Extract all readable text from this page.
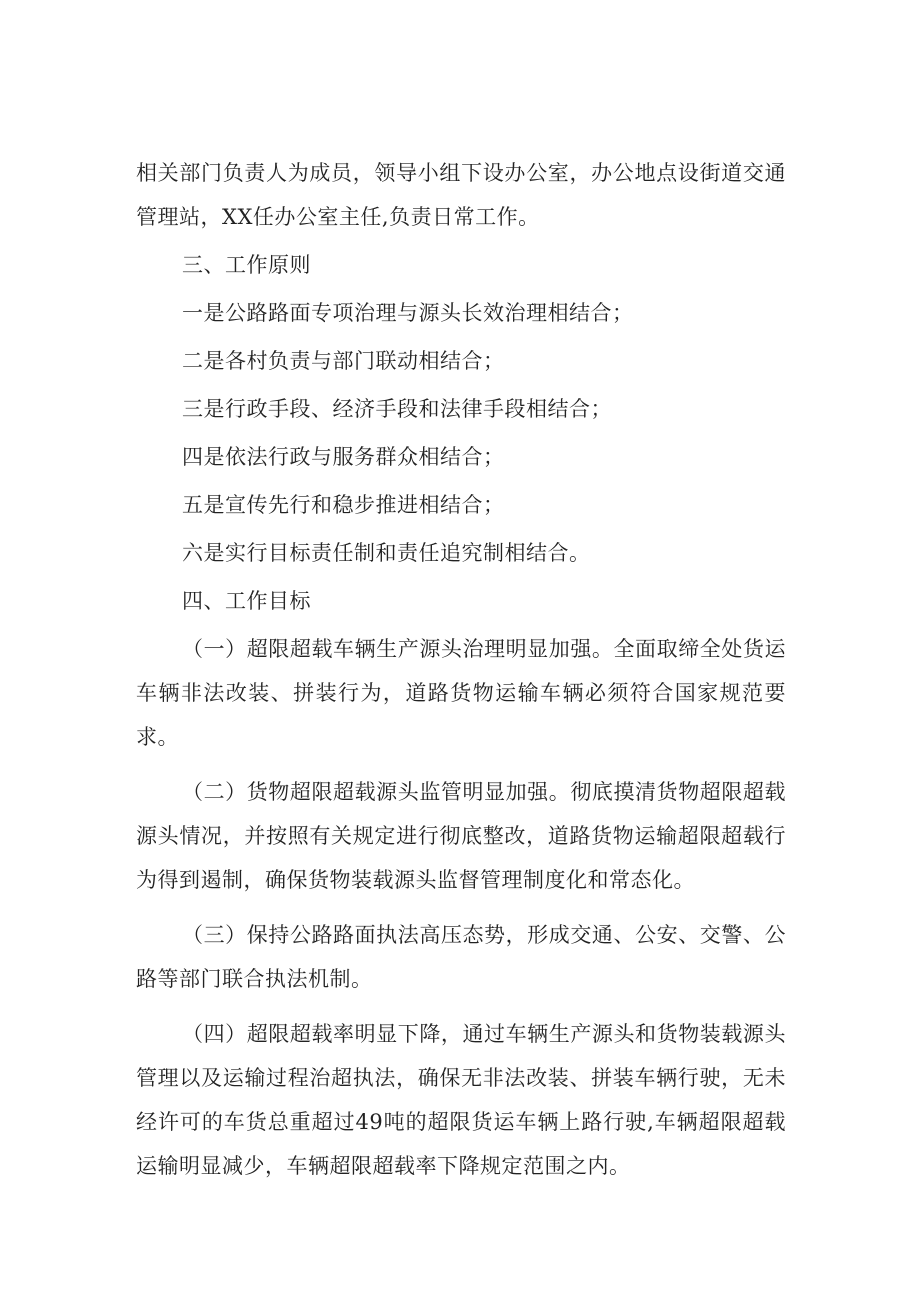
相关部门负责人为成员，领导小组下设办公室，办公地点设街道交通管理站，XX任办公室主任,负责日常工作。

三、工作原则

一是公路路面专项治理与源头长效治理相结合；

二是各村负责与部门联动相结合；

三是行政手段、经济手段和法律手段相结合；

四是依法行政与服务群众相结合；

五是宣传先行和稳步推进相结合；

六是实行目标责任制和责任追究制相结合。

四、工作目标

（一）超限超载车辆生产源头治理明显加强。全面取缔全处货运车辆非法改装、拼装行为，道路货物运输车辆必须符合国家规范要求。

（二）货物超限超载源头监管明显加强。彻底摸清货物超限超载源头情况，并按照有关规定进行彻底整改，道路货物运输超限超载行为得到遏制，确保货物装载源头监督管理制度化和常态化。

（三）保持公路路面执法高压态势，形成交通、公安、交警、公路等部门联合执法机制。

（四）超限超载率明显下降，通过车辆生产源头和货物装载源头管理以及运输过程治超执法，确保无非法改装、拼装车辆行驶，无未经许可的车货总重超过49吨的超限货运车辆上路行驶,车辆超限超载运输明显减少，车辆超限超载率下降规定范围之内。
